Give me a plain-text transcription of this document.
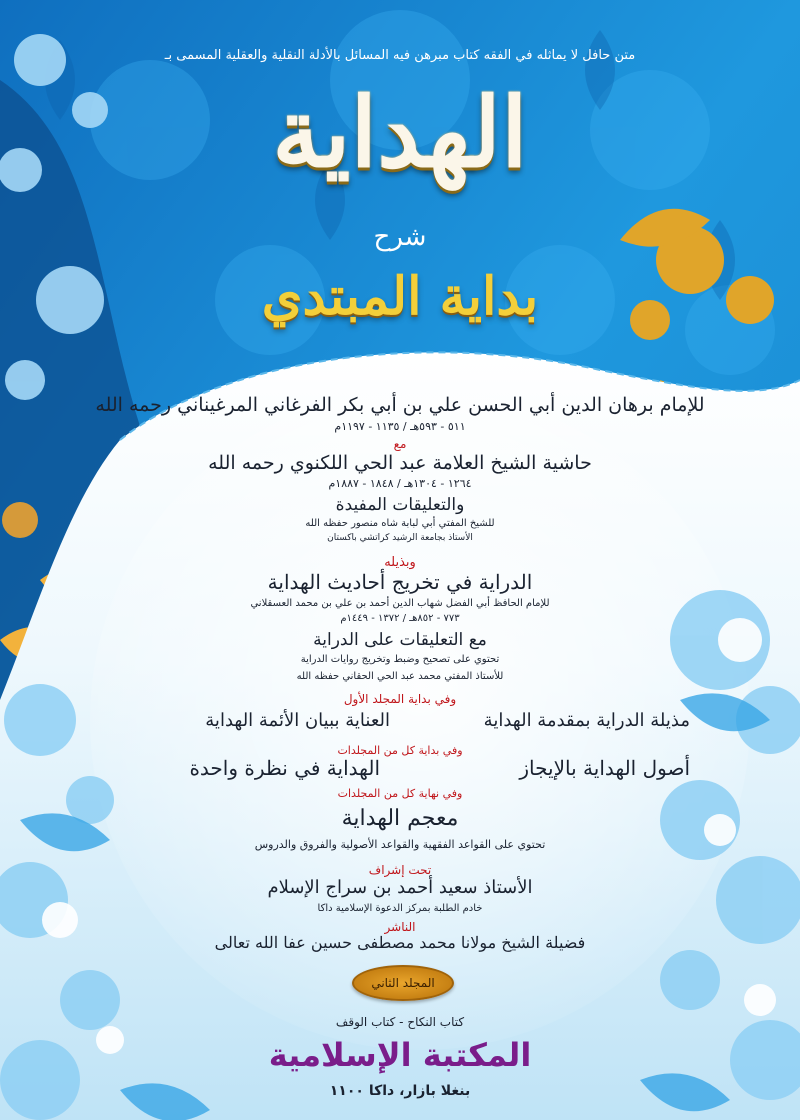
متن حافل لا يماثله في الفقه كتاب مبرهن فيه المسائل بالأدلة النقلية والعقلية المسمى بـ

الهداية

شرح

بداية المبتدي

للإمام برهان الدين أبي الحسن علي بن أبي بكر الفرغاني المرغيناني رحمه الله

٥١١ - ٥٩٣هـ / ١١٣٥ - ١١٩٧م

مع

حاشية الشيخ العلامة عبد الحي اللكنوي رحمه الله

١٢٦٤ - ١٣٠٤هـ / ١٨٤٨ - ١٨٨٧م

والتعليقات المفيدة

للشيخ المفتي أبي لبابة شاه منصور حفظه الله

الأستاذ بجامعة الرشيد كراتشي باكستان

وبذيله

الدراية في تخريج أحاديث الهداية

للإمام الحافظ أبي الفضل شهاب الدين أحمد بن علي بن محمد العسقلاني

٧٧٣ - ٨٥٢هـ / ١٣٧٢ - ١٤٤٩م

مع التعليقات على الدراية

تحتوي على تصحيح وضبط وتخريج روايات الدراية

للأستاذ المفتي محمد عبد الحي الحقاني حفظه الله

وفي بداية المجلد الأول

العناية ببيان الأئمة الهداية	مذيلة الدراية بمقدمة الهداية

وفي بداية كل من المجلدات

الهداية في نظرة واحدة	أصول الهداية بالإيجاز

وفي نهاية كل من المجلدات

معجم الهداية

تحتوي على القواعد الفقهية والقواعد الأصولية والفروق والدروس

تحت إشراف

الأستاذ سعيد أحمد بن سراج الإسلام

خادم الطلبة بمركز الدعوة الإسلامية داكا

الناشر

فضيلة الشيخ مولانا محمد مصطفى حسين عفا الله تعالى

المجلد الثاني

كتاب النكاح - كتاب الوقف

المكتبة الإسلامية

بنغلا بازار، داكا ١١٠٠
